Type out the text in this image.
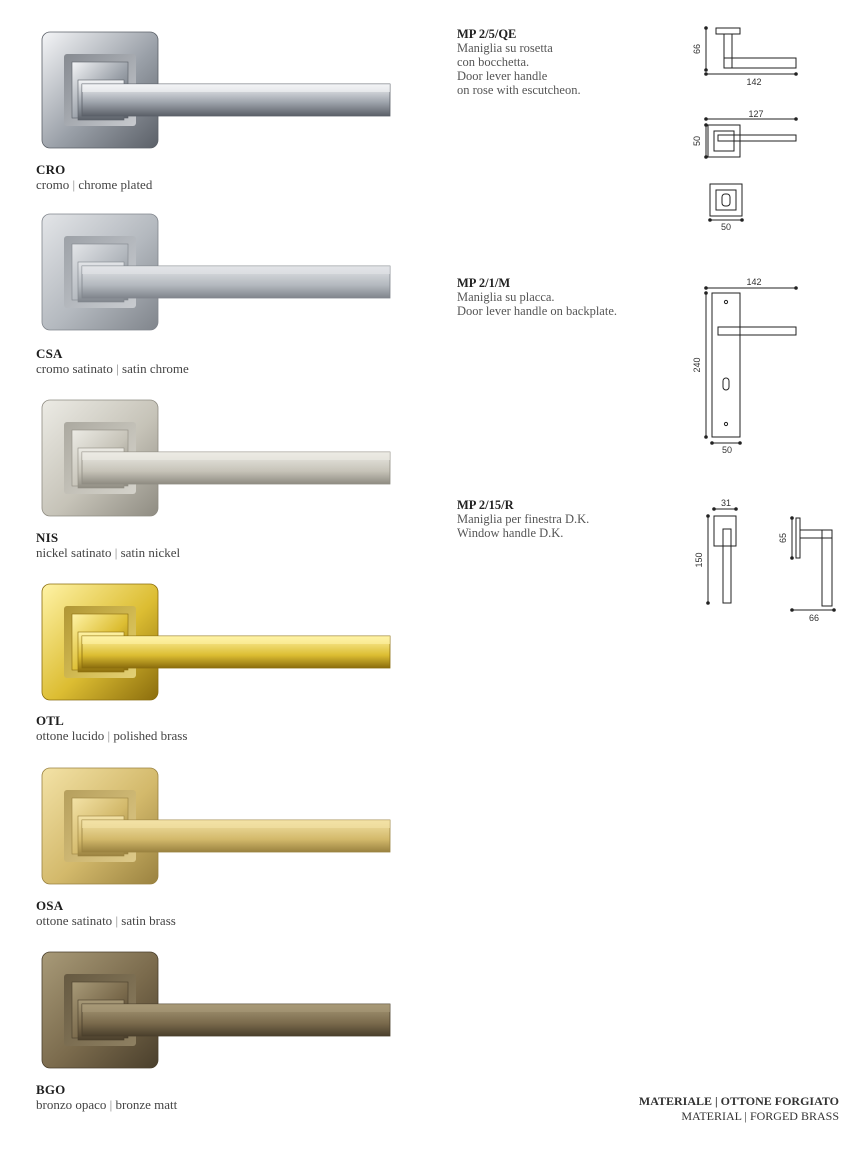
CRO
cromo | chrome plated
CSA
cromo satinato | satin chrome
NIS
nickel satinato | satin nickel
OTL
ottone lucido | polished brass
OSA
ottone satinato | satin brass
BGO
bronzo opaco | bronze matt
MP 2/5/QE
Maniglia su rosetta
con bocchetta.
Door lever handle
on rose with escutcheon.
MP 2/1/M
Maniglia su placca.
Door lever handle on backplate.
MP 2/15/R
Maniglia per finestra D.K.
Window handle D.K.
66
142
127
50
50
142
240
50
31
150
65
66
MATERIALE | OTTONE FORGIATO
MATERIAL | FORGED BRASS
